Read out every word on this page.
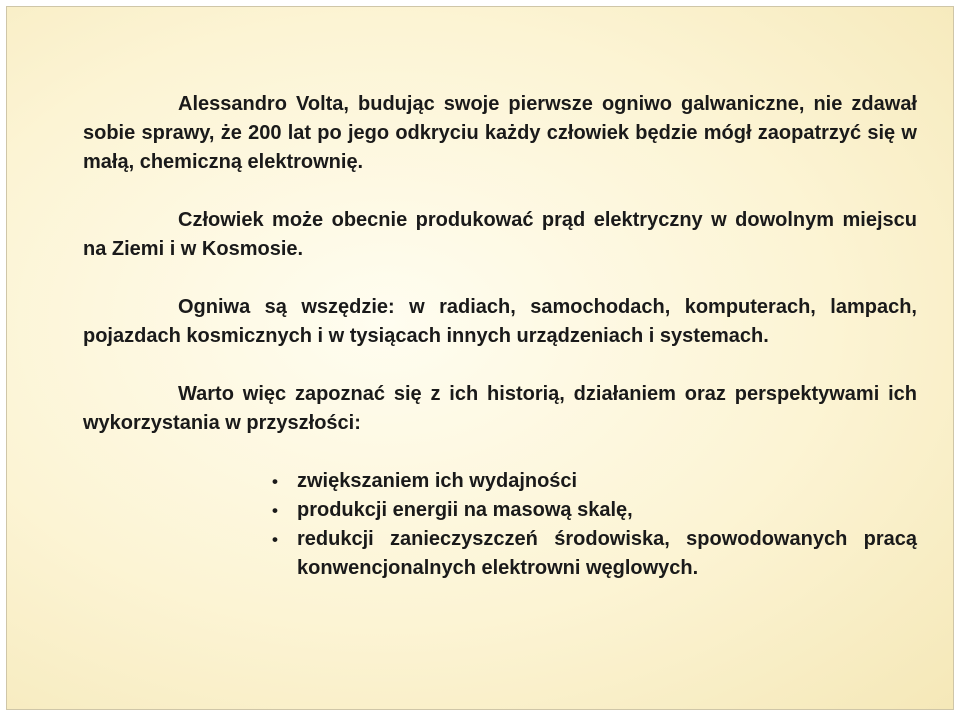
Alessandro Volta, budując swoje pierwsze ogniwo galwaniczne, nie zdawał sobie sprawy, że 200 lat po jego odkryciu każdy człowiek będzie mógł zaopatrzyć się w małą, chemiczną elektrownię.

Człowiek może obecnie produkować prąd elektryczny w dowolnym miejscu na Ziemi i w Kosmosie.

Ogniwa są wszędzie: w radiach, samochodach, komputerach, lampach, pojazdach kosmicznych i w tysiącach innych urządzeniach i systemach.

Warto więc zapoznać się z ich historią, działaniem oraz perspektywami ich wykorzystania w przyszłości:

• zwiększaniem ich wydajności
• produkcji energii na masową skalę,
• redukcji zanieczyszczeń środowiska, spowodowanych pracą konwencjonalnych elektrowni węglowych.
